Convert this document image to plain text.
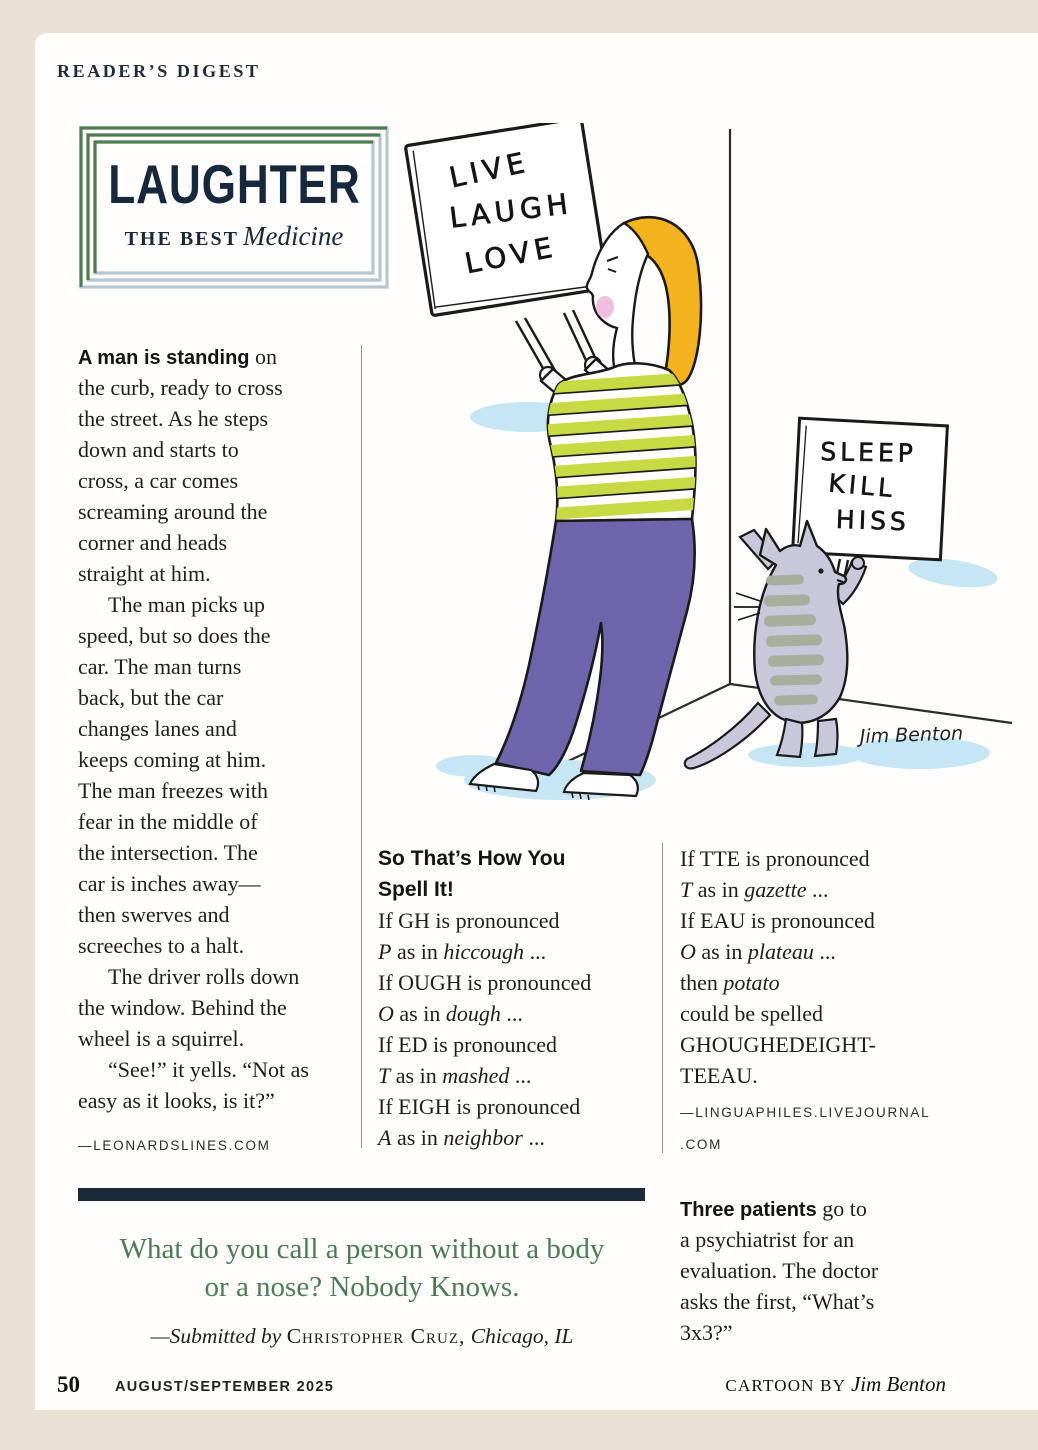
READER’S DIGEST
LAUGHTER
THE BEST Medicine
LIVE
LAUGH
LOVE
SLEEP
KILL
HISS
Jim Benton
A man is standing on
the curb, ready to cross
the street. As he steps
down and starts to
cross, a car comes
screaming around the
corner and heads
straight at him.
The man picks up
speed, but so does the
car. The man turns
back, but the car
changes lanes and
keeps coming at him.
The man freezes with
fear in the middle of
the intersection. The
car is inches away—
then swerves and
screeches to a halt.
The driver rolls down
the window. Behind the
wheel is a squirrel.
“See!” it yells. “Not as
easy as it looks, is it?”
—LEONARDSLINES.COM
So That’s How You
Spell It!
If GH is pronounced
P as in hiccough ...
If OUGH is pronounced
O as in dough ...
If ED is pronounced
T as in mashed ...
If EIGH is pronounced
A as in neighbor ...
If TTE is pronounced
T as in gazette ...
If EAU is pronounced
O as in plateau ...
then potato
could be spelled
GHOUGHEDEIGHT-
TEEAU.
—LINGUAPHILES.LIVEJOURNAL
.COM
Three patients go to
a psychiatrist for an
evaluation. The doctor
asks the first, “What’s
3x3?”
What do you call a person without a body
or a nose? Nobody Knows.
—Submitted by Christopher Cruz, Chicago, IL
50 AUGUST/SEPTEMBER 2025	CARTOON BY Jim Benton
